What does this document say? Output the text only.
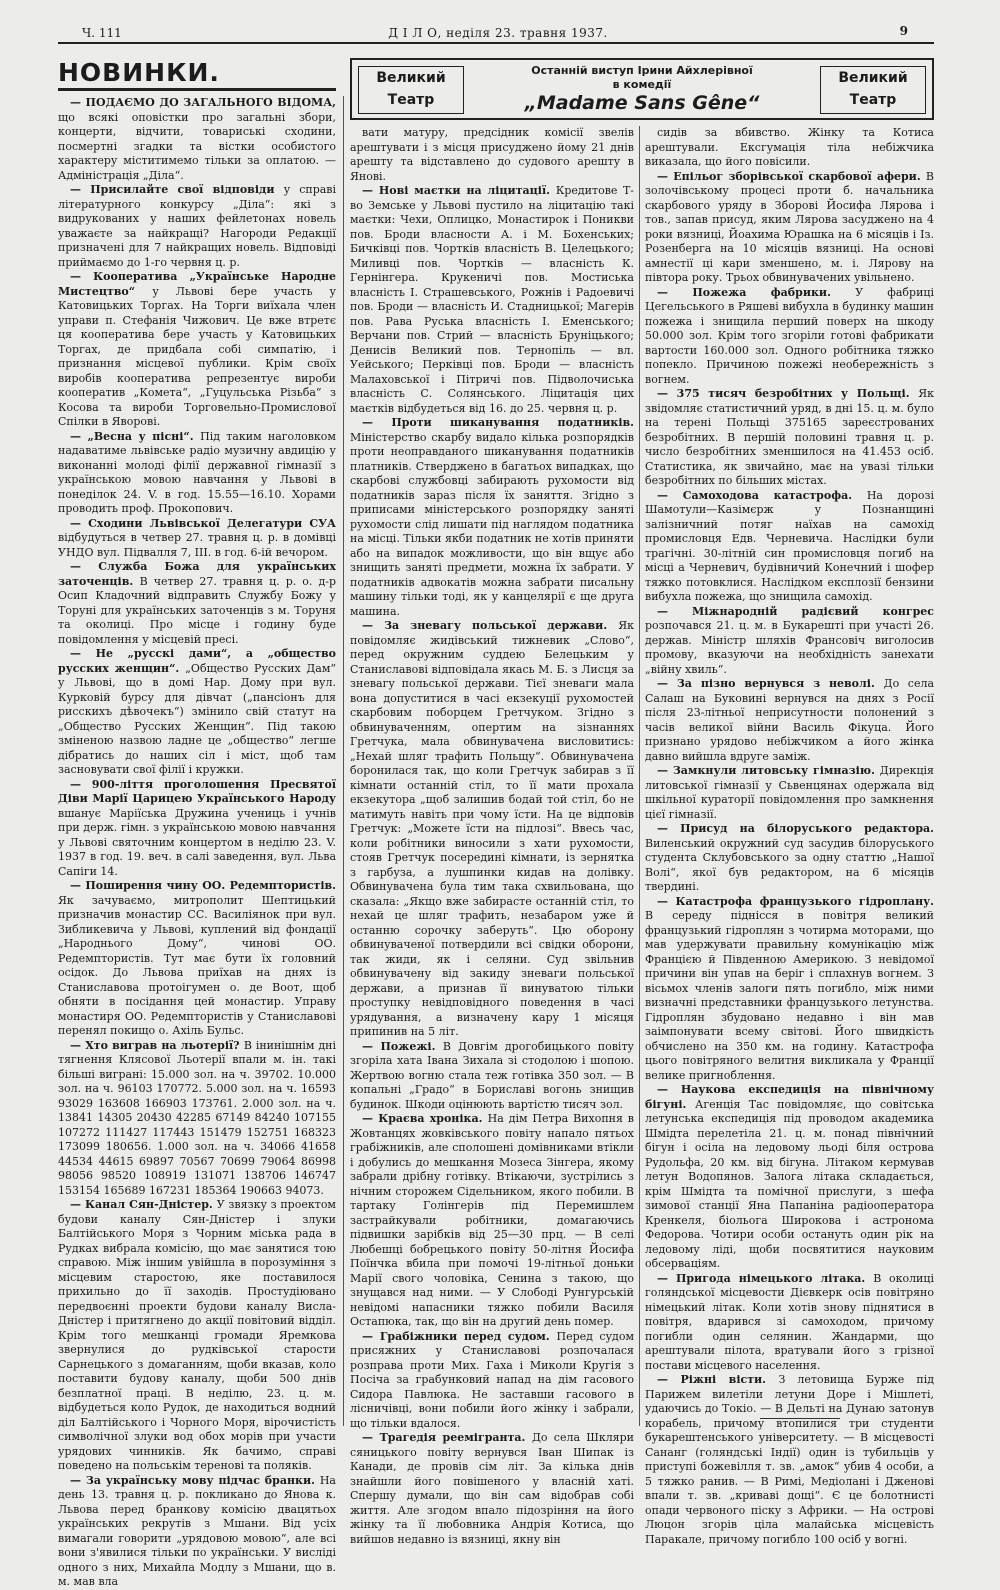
Ч. 111	Д І Л О, неділя 23. травня 1937.	9
НОВИНКИ.	Великий
Театр
Останній виступ Ірини Айхлерівної
в комедії
„Madame Sans Gêne“
Великий
Театр

— ПОДАЄМО ДО ЗАГАЛЬНОГО ВІДОМА, що всякі оповістки про загальні збори, концерти, відчити, товариські сходини, посмертні згадки та вістки особистого характеру міститимемо тільки за оплатою. — Адміністрація „Діла“.

— Присилайте свої відповіди у справі літературного конкурсу „Діла“: які з видрукованих у наших фейлетонах новель уважаєте за найкращі? Нагороди Редакції призначені для 7 найкращих новель. Відповіді приймаємо до 1-го червня ц. р.

— Кооператива „Українське Народне Мистецтво“ у Львові бере участь у Катовицьких Торгах. На Торги виїхала член управи п. Стефанія Чижович. Це вже втретє ця кооператива бере участь у Катовицьких Торгах, де придбала собі симпатію, і признання місцевої публики. Крім своїх виробів кооператива репрезентує вироби кооператив „Комета“, „Гуцульська Різьба“ з Косова та вироби Торговельно-Промислової Спілки в Яворові.

— „Весна у пісні“. Під таким наголовком надаватиме львівське радіо музичну авдицію у виконанні молоді філії державної гімназії з українською мовою навчання у Львові в понеділок 24. V. в год. 15.55—16.10. Хорами проводить проф. Прокопович.

— Сходини Львівської Делегатури СУА відбудуться в четвер 27. травня ц. р. в домівці УНДО вул. Підвалля 7, ІІІ. в год. 6-ій вечором.

— Служба Божа для українських заточенців. В четвер 27. травня ц. р. о. д-р Осип Кладочний відправить Службу Божу у Торуні для українських заточенців з м. Торуня та околиці. Про місце і годину буде повідомлення у місцевій пресі.

— Не „русскі дами“, а „общество русских женщин“. „Общество Русских Дам“ у Львові, що в домі Нар. Дому при вул. Курковій бурсу для дівчат („пансіонъ для рисскихъ дѣвочекъ“) змінило свій статут на „Общество Русских Женщин“. Під такою зміненою назвою ладне це „общество“ легше дібратись до наших сіл і міст, щоб там засновувати свої філії і кружки.

— 900-ліття проголошення Пресвятої Діви Марії Царицею Українського Народу вшанує Маріїська Дружина учениць і учнів при держ. гімн. з українською мовою навчання у Львові святочним концертом в неділю 23. V. 1937 в год. 19. веч. в салі заведення, вул. Льва Сапіги 14.

— Поширення чину ОО. Редемптористів. Як зачуваємо, митрополит Шептицький призначив монастир СС. Василіянок при вул. Зибликевича у Львові, куплений від фондації „Народнього Дому“, чинові ОО. Редемптористів. Тут має бути їх головний осідок. До Львова приїхав на днях із Станиславова протоігумен о. де Воот, щоб обняти в посідання цей монастир. Управу монастиря ОО. Редемптористів у Станиславові перенял покищо о. Ахіль Бульс.

— Хто виграв на льотерії? В інинішнім дні тягнення Клясової Льотерії впали м. ін. такі більші виграні: 15.000 зол. на ч. 39702. 10.000 зол. на ч. 96103 170772. 5.000 зол. на ч. 16593 93029 163608 166903 173761. 2.000 зол. на ч. 13841 14305 20430 42285 67149 84240 107155 107272 111427 117443 151479 152751 168323 173099 180656. 1.000 зол. на ч. 34066 41658 44534 44615 69897 70567 70699 79064 86998 98056 98520 108919 131071 138706 146747 153154 165689 167231 185364 190663 94073.

— Канал Сян-Дністер. У звязку з проектом будови каналу Сян-Дністер і злуки Балтійського Моря з Чорним міська рада в Рудках вибрала комісію, що має занятися тою справою. Між іншим увійшла в порозуміння з місцевим старостою, яке поставилося прихильно до її заходів. Простудіювано передвоєнні проекти будови каналу Висла-Дністер і притягнено до акції повітовий відділ. Крім того мешканці громади Яремкова звернулися до рудківської старости Сарнецького з домаганням, щоби вказав, коло поставити будову каналу, щоби 500 днів безплатної праці. В неділю, 23. ц. м. відбудеться коло Рудок, де находиться водний діл Балтійського і Чорного Моря, вірочистість символічної злуки вод обох морів при участи урядових чинників. Як бачимо, справі поведено на польськім теренові та поляків.

— За українську мову підчас бранки. На день 13. травня ц. р. покликано до Янова к. Львова перед бранкову комісію двацятьох українських рекрутів з Мшани. Від усіх вимагали говорити „урядовою мовою“, але всі вони з'явилися тільки по українськи. У висліді одного з них, Михайла Модлу з Мшани, що в. м. мав вла

вати матуру, предсідник комісії звелів арештувати і з місця присуджено йому 21 днів арешту та відставлено до судового арешту в Янові.

— Нові маєтки на ліцитації. Кредитове Т-во Земське у Львові пустило на ліцитацію такі маєтки: Чехи, Оплицко, Монастирок і Поникви пов. Броди власности А. і М. Бохенських; Бичківці пов. Чортків власність В. Целецького; Миливці пов. Чортків — власність К. Гернінгера. Крукеничі пов. Мостиська власність І. Страшевського, Рожнів і Радоевичі пов. Броди — власність И. Стадницької; Магерів пов. Рава Руська власність І. Еменського; Верчани пов. Стрий — власність Бруніцького; Денисів Великий пов. Тернопіль — вл. Уейського; Перківці пов. Броди — власність Малаховської і Пітричі пов. Підволочиська власність С. Солянського. Ліцитація цих маєтків відбудеться від 16. до 25. червня ц. р.

— Проти шиканування податників. Міністерство скарбу видало кілька розпорядків проти неоправданого шиканування податників платників. Стверджено в багатьох випадках, що скарбові службовці забирають рухомости від податників зараз після їх заняття. Згідно з приписами міністерського розпорядку заняті рухомости слід лишати під наглядом податника на місці. Тільки якби податник не хотів приняти або на випадок можливости, що він вщує або знищить заняті предмети, можна їх забрати. У податників адвокатів можна забрати писальну машину тільки тоді, як у канцелярії є ще друга машина.

— За зневагу польської держави. Як повідомляє жидівський тижневик „Слово“, перед окружним суддею Белецьким у Станиславові відповідала якась М. Б. з Лисця за зневагу польської держави. Тієї зневаги мала вона допуститися в часі екзекуції рухомостей скарбовим поборцем Гретчуком. Згідно з обвинуваченням, опертим на зізнаннях Гретчука, мала обвинувачена висловитись: „Нехай шляг трафить Польщу“. Обвинувачена боронилася так, що коли Гретчук забирав з її кімнати останній стіл, то її мати прохала екзекутора „щоб залишив бодай той стіл, бо не матимуть навіть при чому їсти. На це відповів Гретчук: „Можете їсти на підлозі“. Ввесь час, коли робітники виносили з хати рухомости, стояв Гретчук посередині кімнати, із зернятка з гарбуза, а лушпинки кидав на долівку. Обвинувачена була тим така схвильована, що сказала: „Якщо вже забирасте останній стіл, то нехай це шляг трафить, незабаром уже й останню сорочку заберуть“. Цю оборону обвинуваченої потвердили всі свідки оборони, так жиди, як і селяни. Суд звільнив обвинувачену від закиду зневаги польської держави, а признав її винуватою тільки проступку невідповідного поведення в часі урядування, а визначену кару 1 місяця припинив на 5 літ.

— Пожежі. В Довгім дрогобицького повіту згоріла хата Івана Зихала зі стодолою і шопою. Жертвою вогню стала теж готівка 350 зол. — В копальні „Градо“ в Бориславі вогонь знищив будинок. Шкоди оцінюють вартістю тисяч зол.

— Краєва хроніка. На дім Петра Вихопня в Жовтанцях жовківського повіту напало пятьох грабіжників, але сполошені домівниками втікли і добулись до мешкання Мозеса Зінгера, якому забрали дрібну готівку. Втікаючи, зустрілись з нічним сторожем Сідельником, якого побили. В тартаку Голінгерів під Перемишлем застрайкували робітники, домагаючись підвишки зарібків від 25—30 прц. — В селі Любешці бобрецького повіту 50-літня Йосифа Поїнчка вбила при помочі 19-літньої доньки Марії свого чоловіка, Сенина з такою, що знущався над ними. — У Слободі Рунгурській невідомі напасники тяжко побили Василя Остапюка, так, що він на другий день помер.

— Грабіжники перед судом. Перед судом присяжних у Станиславові розпочалася розправа проти Мих. Гаха і Миколи Кругія з Посіча за грабунковий напад на дім гасового Сидора Павлюка. Не заставши гасового в лісничівці, вони побили його жінку і забрали, що тільки вдалося.

— Трагедія реемігранта. До села Шкляри сяницького повіту вернувся Іван Шипак із Канади, де провів сім літ. За кілька днів знайшли його повішеного у власній хаті. Спершу думали, що він сам відобрав собі життя. Але згодом впало підозріння на його жінку та її любовника Андрія Котиса, що вийшов недавно із вязниці, якну він

сидів за вбивство. Жінку та Котиса арештували. Ексгумація тіла небіжчика виказала, що його повісили.

— Епільог зборівської скарбової афери. В золочівському процесі проти б. начальника скарбового уряду в Зборові Йосифа Лярова і тов., запав присуд, яким Лярова засуджено на 4 роки вязниці, Йоахима Юрашка на 6 місяців і Із. Розенберга на 10 місяців вязниці. На основі амнестії ці кари зменшено, м. і. Лярову на півтора року. Трьох обвинувачених увільнено.

— Пожежа фабрики. У фабриці Цегельського в Ряшеві вибухла в будинку машин пожежа і знищила перший поверх на шкоду 50.000 зол. Крім того згоріли готові фабрикати вартости 160.000 зол. Одного робітника тяжко попекло. Причиною пожежі необережність з вогнем.

— 375 тисяч безробітних у Польщі. Як звідомляє статистичний уряд, в дні 15. ц. м. було на терені Польщі 375165 зареєстрованих безробітних. В першій половині травня ц. р. число безробітних зменшилося на 41.453 осіб. Статистика, як звичайно, має на увазі тільки безробітних по більших містах.

— Самоходова катастрофа. На дорозі Шамотули—Казімєрж у Познанщині залізничний потяг наїхав на самохід промисловця Едв. Черневича. Наслідки були трагічні. 30-літній син промисловця погиб на місці а Черневич, будівничий Конечний і шофер тяжко потовклися. Наслідком експлозії бензини вибухла пожежа, що знищила самохід.

— Міжнародній радієвий конгрес розпочався 21. ц. м. в Букарешті при участі 26. держав. Міністр шляхів Франсовіч виголосив промову, вказуючи на необхідність занехати „війну хвиль“.

— За пізно вернувся з неволі. До села Салаш на Буковині вернувся на днях з Росії після 23-літньої неприсутности полонений з часів великої війни Василь Фікуца. Його признано урядово небіжчиком а його жінка давно вийшла вдруге заміж.

— Замкнули литовську гімназію. Дирекція литовської гімназії у Сьвенцянах одержала від шкільної кураторії повідомлення про замкнення цієї гімназії.

— Присуд на білоруського редактора. Виленський окружний суд засудив білоруського студента Склубовського за одну статтю „Нашої Волі“, якої був редактором, на 6 місяців твердині.

— Катастрофа французького гідроплану. В середу піднісся в повітря великий французький гідроплян з чотирма моторами, що мав удержувати правильну комунікацію між Францією й Південною Америкою. З невідомої причини він упав на беріг і сплахнув вогнем. З вісьмох членів залоги пять погибло, між ними визначні представники французького летунства. Гідроплян збудовано недавно і він мав заімпонувати всему світові. Його швидкість обчислено на 350 км. на годину. Катастрофа цього повітряного велитня викликала у Франції велике пригноблення.

— Наукова експедиція на північному бігуні. Агенція Тас повідомляє, що совітська летунська експедиція під проводом академика Шмідта перелетіла 21. ц. м. понад північний бігун і осіла на ледовому льоді біля острова Рудольфа, 20 км. від бігуна. Літаком кермував летун Водопянов. Залога літака складається, крім Шмідта та помічної прислуги, з шефа зимової станції Яна Папаніна радіооператора Кренкеля, біольога Широкова і астронома Федорова. Чотири особи остануть один рік на ледовому ліді, щоби посвятитися науковим обсерваціям.

— Пригода німецького літака. В околиці голяндської місцевости Дієвкерк осів повітряно німецький літак. Коли хотів знову піднятися в повітря, вдарився зі самоходом, причому погибли один селянин. Жандарми, що арештували пілота, вратували його з грізної постави місцевого населення.

— Ріжні вісти. З летовища Бурже під Парижем вилетіли летуни Доре і Мішлеті, удаючись до Токіо. — В Дельті на Дунаю затонув корабель, причому втопилися три студенти букарештенського університету. — В місцевості Сананг (голяндські Індії) один із тубильців у приступі божевілля т. зв. „амок“ убив 4 особи, а 5 тяжко ранив. — В Римі, Медіолані і Дженові впали т. зв. „криваві дощі“. Є це болотнисті опади червоного піску з Африки. — На острові Люцон згорів ціла малайська місцевість Паракале, причому погибло 100 осіб у вогні.
